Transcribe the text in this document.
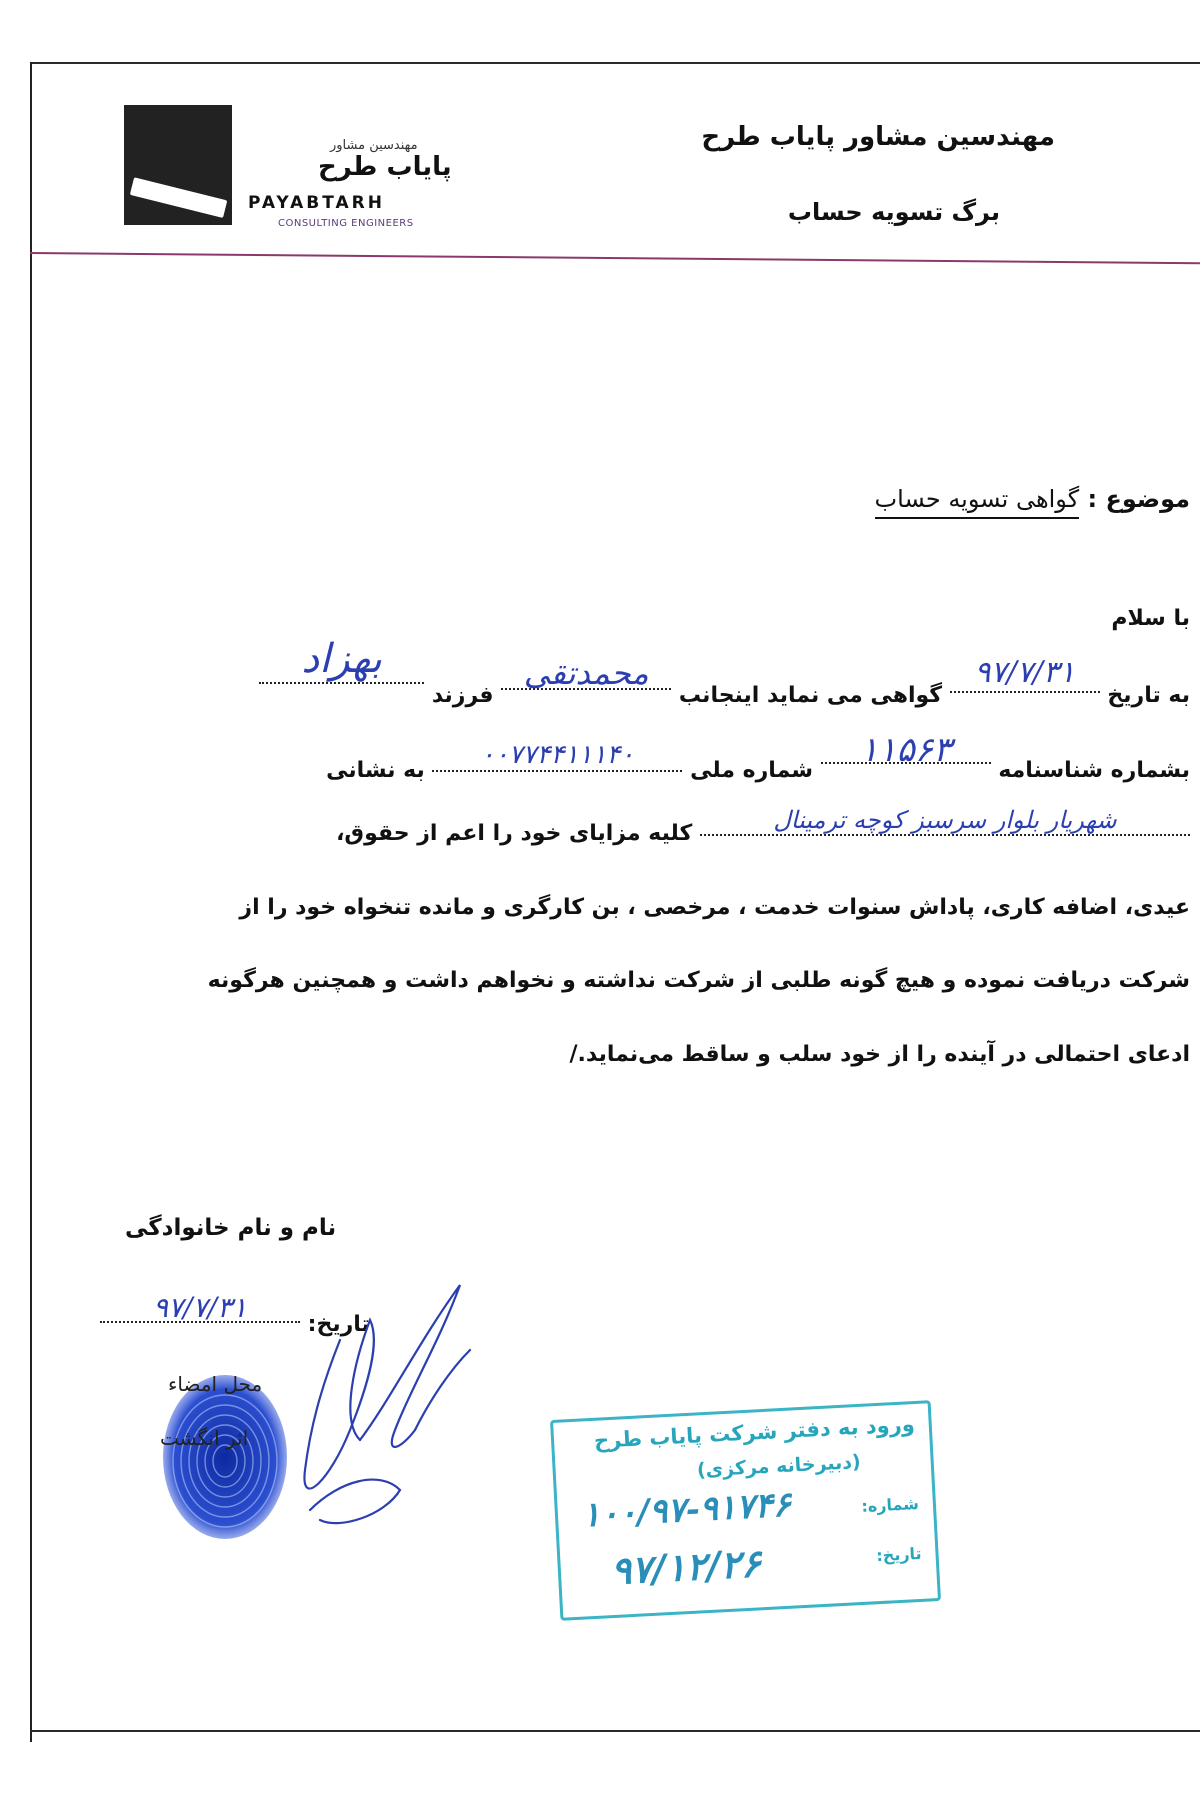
مهندسین مشاور
پایاب طرح
PAYABTARH
CONSULTING ENGINEERS
مهندسین مشاور پایاب طرح
برگ تسویه حساب
موضوع : گواهی تسویه حساب
با سلام
به تاریخ ۹۷/۷/۳۱ گواهی می نماید اینجانب محمدتقی فرزند بهزاد
بشماره شناسنامه ۱۱۵۶۳ شماره ملی ۰۰۷۷۴۴۱۱۱۴۰ به نشانی
شهریار بلوار سرسبز کوچه ترمینال کلیه مزایای خود را اعم از حقوق،
عیدی، اضافه کاری، پاداش سنوات خدمت ، مرخصی ، بن کارگری و مانده تنخواه خود را از
شرکت دریافت نموده و هیچ گونه طلبی از شرکت نداشته و نخواهم داشت و همچنین هرگونه
ادعای احتمالی در آینده را از خود سلب و ساقط می‌نماید./
نام و نام خانوادگی
تاریخ: ۹۷/۷/۳۱
محل امضاء
اثر انگشت	ورود به دفتر شرکت پایاب طرح
(دبیرخانه مرکزی)
شماره:
تاریخ:
۱۰۰/۹۷-۹۱۷۴۶
۹۷/۱۲/۲۶
